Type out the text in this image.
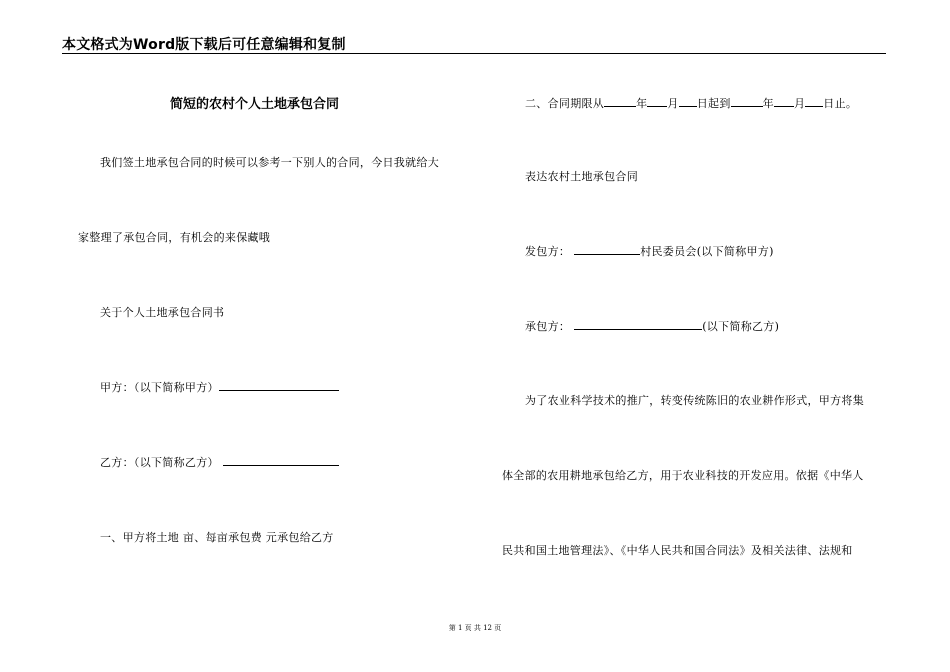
本文格式为Word版下载后可任意编辑和复制
简短的农村个人土地承包合同
我们签土地承包合同的时候可以参考一下别人的合同，今日我就给大
家整理了承包合同，有机会的来保藏哦
关于个人土地承包合同书
甲方：（以下简称甲方）
乙方：（以下简称乙方）
一、甲方将土地 亩、每亩承包费 元承包给乙方
二、合同期限从	年 月 日起到	年 月 日止。
表达农村土地承包合同
发包方：	村民委员会(以下简称甲方)
承包方：	(以下简称乙方)
为了农业科学技术的推广，转变传统陈旧的农业耕作形式，甲方将集
体全部的农用耕地承包给乙方，用于农业科技的开发应用。依据《中华人
民共和国土地管理法》、《中华人民共和国合同法》及相关法律、法规和
第 1 页 共 12 页
